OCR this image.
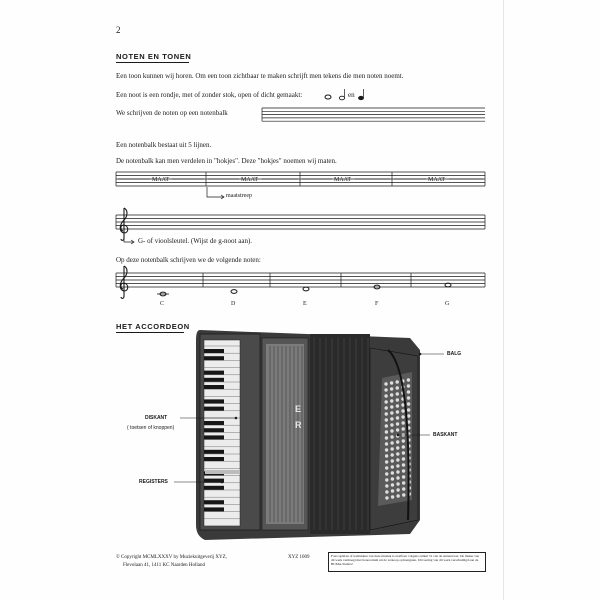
2
NOTEN EN TONEN
Een toon kunnen wij horen. Om een toon zichtbaar te maken schrijft men tekens die men noten noemt.
Een noot is een rondje, met of zonder stok, open of dicht gemaakt:	en
We schrijven de noten op een notenbalk
Een notenbalk bestaat uit 5 lijnen.
De notenbalk kan men verdelen in "hokjes". Deze "hokjes" noemen wij maten.
MAAT	MAAT	MAAT	MAAT
maatstreep
G- of vioolsleutel. (Wijst de g-noot aan).
Op deze notenbalk schrijven we de volgende noten:
C	D	E	F	G
HET ACCORDEON
BALG
DISKANT
( toetsen of knoppen)
BASKANT
REGISTERS
© Copyright MCMLXXXV by Muziekuitgeverij XYZ,
Flevolaan 41, 1411 KC Naarden Holland
XYZ 1009	Fotocopiëren of nadrukken van deze muziek is strafbaar volgens artikel 31 van de Auteurswet. De maker van dit werk vermaagt met honorarium uit de verkoop opbrengsten. Uitvoering van dit werk verschuldigd aan de BUMA-Stemra!
E
R
